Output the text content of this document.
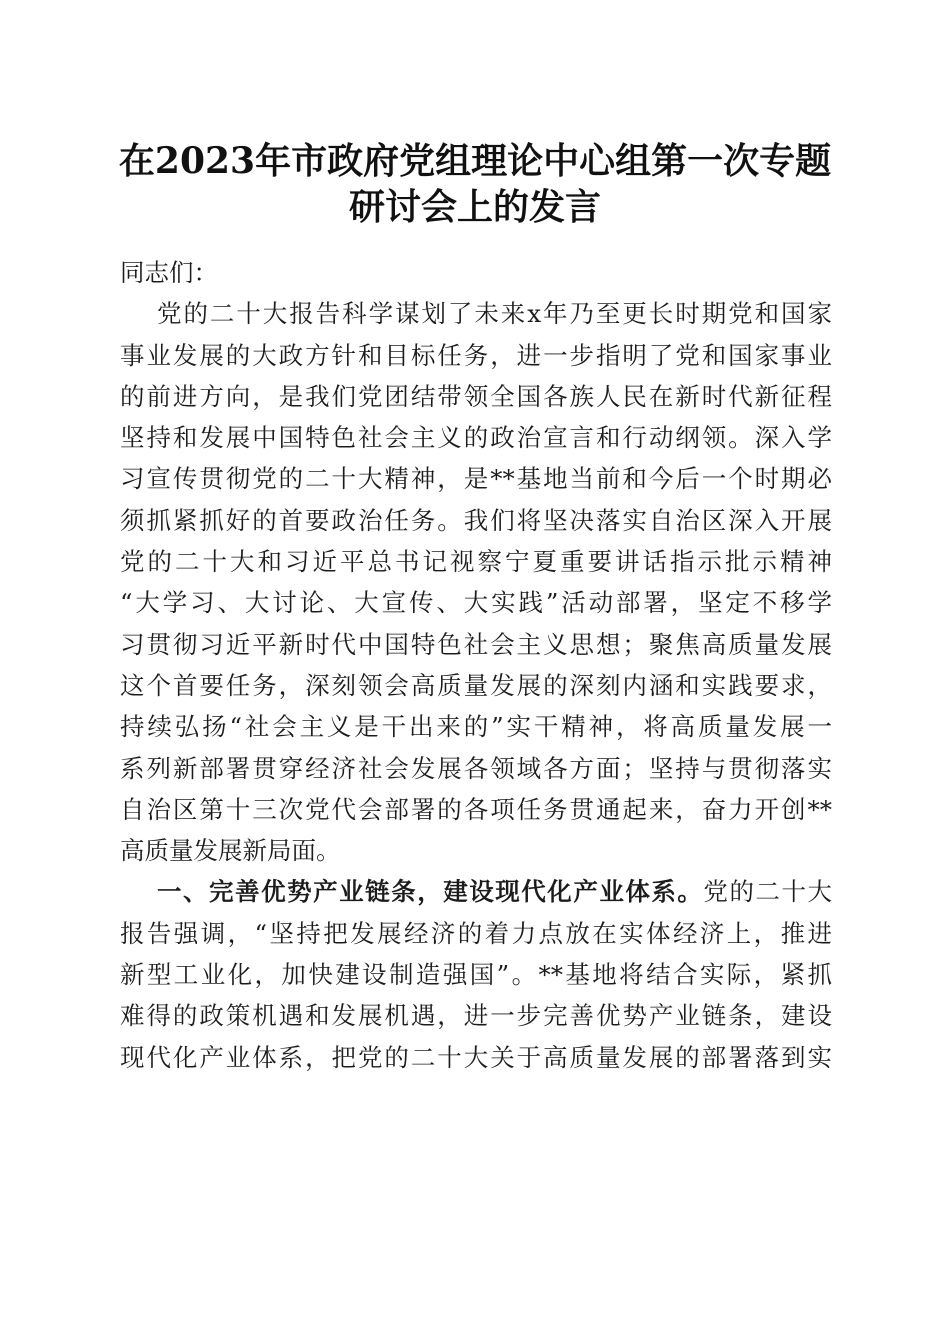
在2023年市政府党组理论中心组第一次专题
研讨会上的发言
同志们：
党的二十大报告科学谋划了未来x年乃至更长时期党和国家
事业发展的大政方针和目标任务，进一步指明了党和国家事业
的前进方向，是我们党团结带领全国各族人民在新时代新征程
坚持和发展中国特色社会主义的政治宣言和行动纲领。深入学
习宣传贯彻党的二十大精神，是**基地当前和今后一个时期必
须抓紧抓好的首要政治任务。我们将坚决落实自治区深入开展
党的二十大和习近平总书记视察宁夏重要讲话指示批示精神
“大学习、大讨论、大宣传、大实践”活动部署，坚定不移学
习贯彻习近平新时代中国特色社会主义思想；聚焦高质量发展
这个首要任务，深刻领会高质量发展的深刻内涵和实践要求，
持续弘扬“社会主义是干出来的”实干精神，将高质量发展一
系列新部署贯穿经济社会发展各领域各方面；坚持与贯彻落实
自治区第十三次党代会部署的各项任务贯通起来，奋力开创**
高质量发展新局面。
一、完善优势产业链条，建设现代化产业体系。党的二十大
报告强调，“坚持把发展经济的着力点放在实体经济上，推进
新型工业化，加快建设制造强国”。**基地将结合实际，紧抓
难得的政策机遇和发展机遇，进一步完善优势产业链条，建设
现代化产业体系，把党的二十大关于高质量发展的部署落到实
